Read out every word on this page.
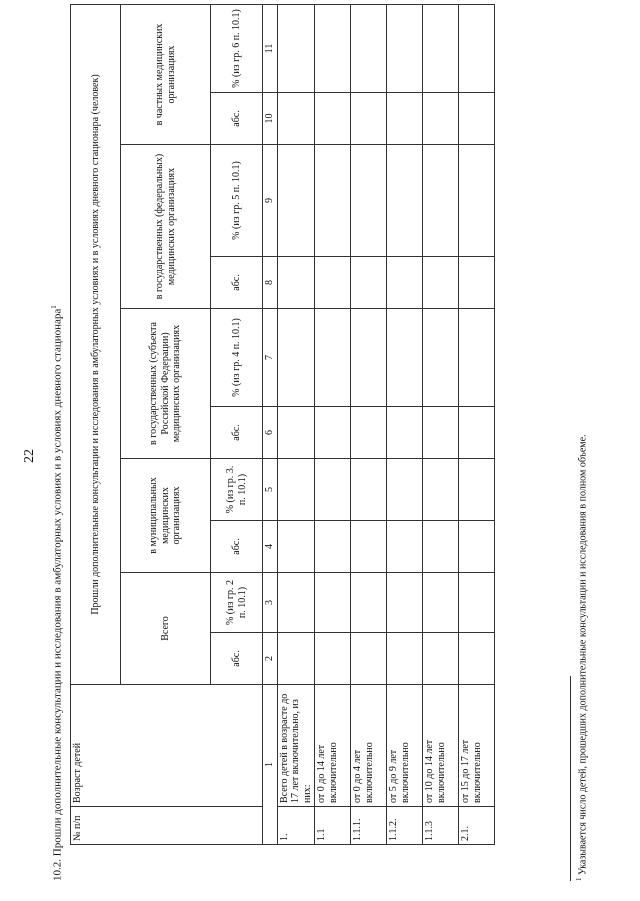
22 10.2. Прошли дополнительные консультации и исследования в амбулаторных условиях и в условиях дневного стационара$^1$
№ п/п	Возраст детей	Прошли дополнительные консультации и исследования в амбулаторных условиях и в условиях дневного стационара (человек)									
		Всего		в муниципальных медицинских организациях		в государственных (субъекта Российской Федерации) медицинских организациях		в государственных (федеральных) медицинских организациях		в частных медицинских организациях	
		абс.	% (из гр. 2 п. 10.1)	абс.	% (из гр. 3. п. 10.1)	абс.	% (из гр. 4 п. 10.1)	абс.	% (из гр. 5 п. 10.1)	абс.	% (из гр. 6 п. 10.1)
1		2	3	4	5	6	7	8	9	10	11
1.	Всего детей в возрасте до 17 лет включительно, из них:										
1.1	от 0 до 14 лет включительно										
1.1.1.	от 0 до 4 лет включительно										
1.1.2.	от 5 до 9 лет включительно										
1.1.3	от 10 до 14 лет включительно										
2.1.	от 15 до 17 лет включительно										
$^1$ Указывается число детей, прошедших дополнительные консультации и исследования в полном объеме.
